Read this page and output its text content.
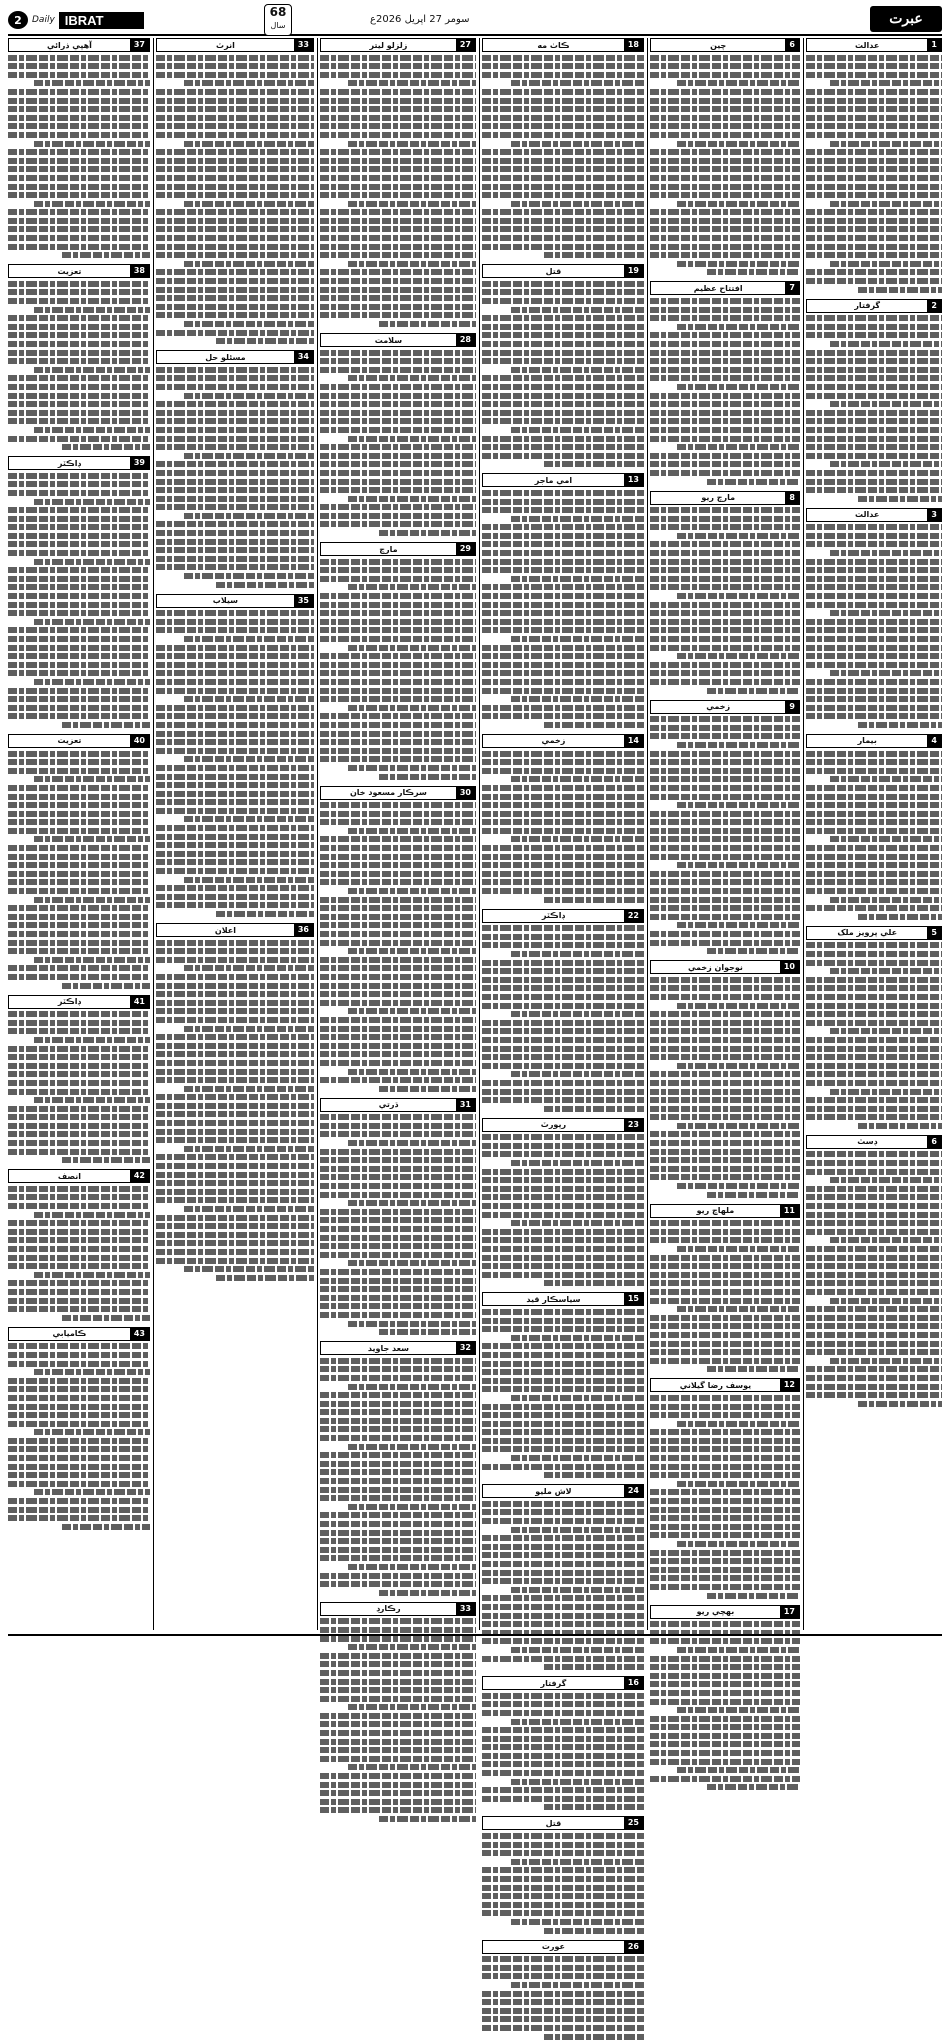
2	Daily IBRAT
68
سال
سومر 27 اپريل 2026ع	عبرت
1
عدالت
2
گرفتار
3
عدالت
4
بيمار
5
علي پرويز ملک
6
ڊسٽ
6
چين
7
افتتاح عظيم
8
مارچ ريو
9
زخمي
10
نوجوان زخمي
11
ملهاچ ريو
12
يوسف رضا گيلاني
17
بهچي ريو
18
ڪاٺ مه
19
قتل
13
امي ماجر
14
زخمي
22
ڊاڪٽر
23
رپورٽ
15
سياسڪار قيد
24
لاش مليو
16
گرفتار
25
قتل
26
عورت
27
زلزلو ليتر
28
سلامت
29
مارچ
30
سرڪار مسعود خان
31
ڌرتي
32
سعد جاويد
33
رڪارڊ
33
انرٽ
34
مسئلو حل
35
سيلاب
36
اعلان
37
آهپي ذرائي
38
تعزيت
39
ڊاڪٽر
40
تعزيت
41
ڊاڪٽر
42
انصف
43
ڪاميابي
